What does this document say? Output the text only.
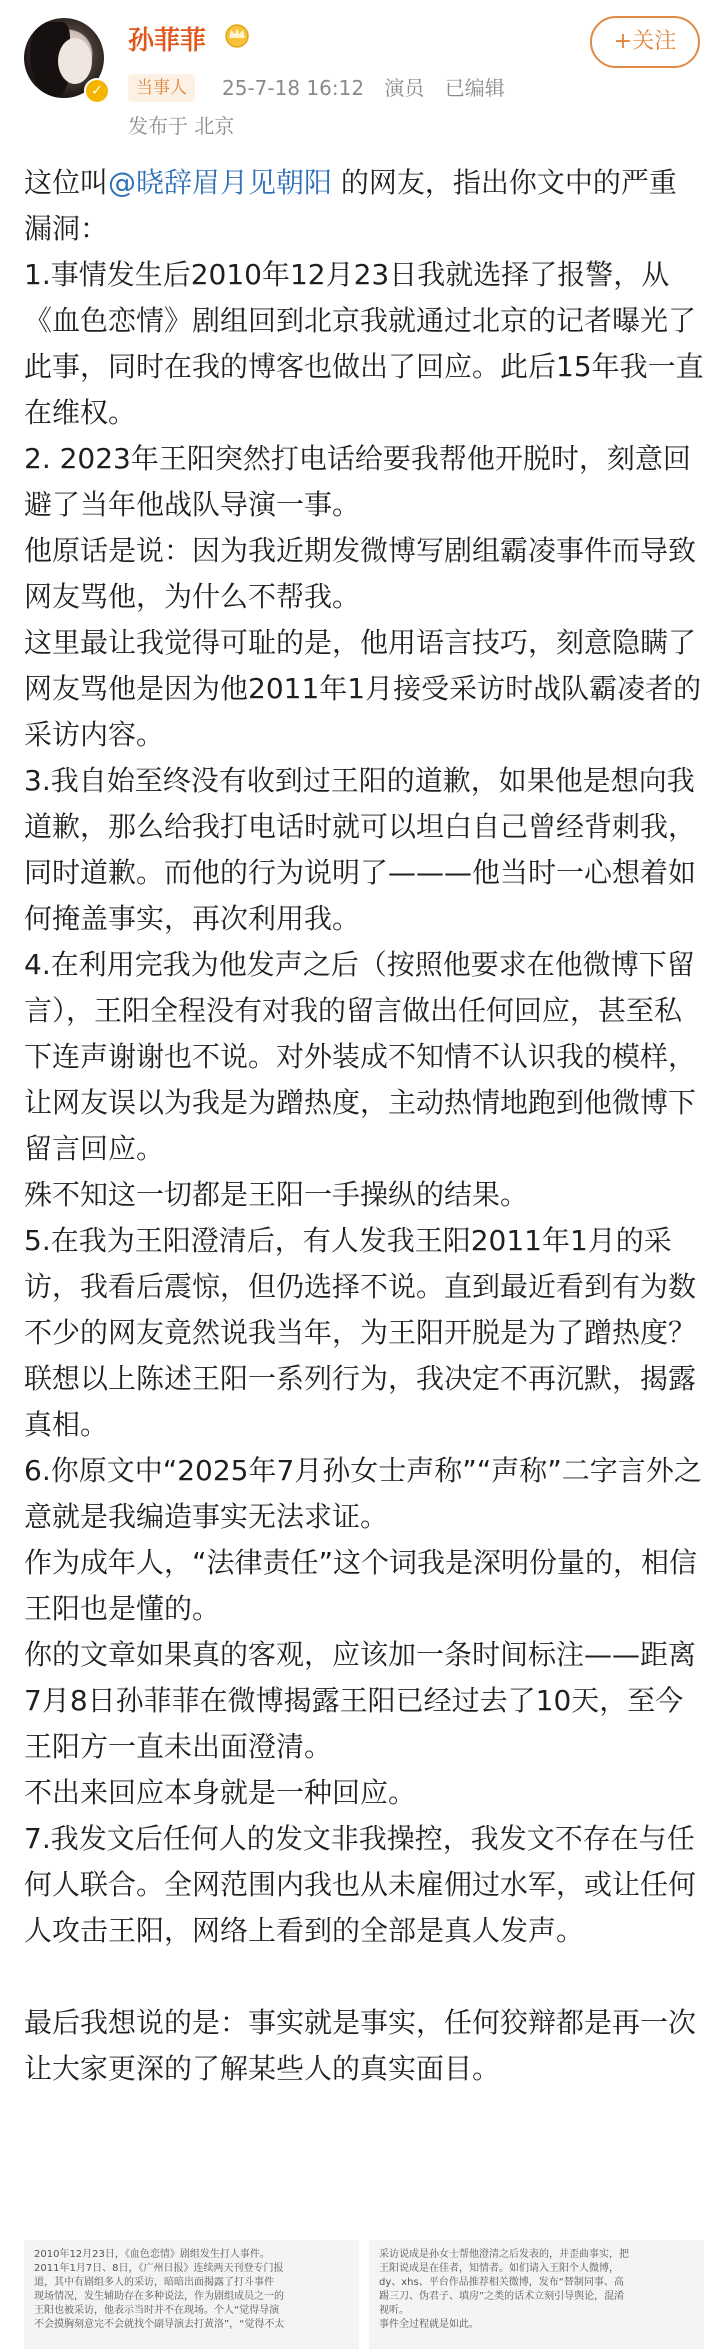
✓
孙菲菲
当事人	25-7-18 16:12 演员 已编辑
发布于 北京
+关注

这位叫@晓辞眉月见朝阳 的网友，指出你文中的严重漏洞：

1.事情发生后2010年12月23日我就选择了报警，从《血色恋情》剧组回到北京我就通过北京的记者曝光了此事，同时在我的博客也做出了回应。此后15年我一直在维权。

2. 2023年王阳突然打电话给要我帮他开脱时，刻意回避了当年他战队导演一事。

他原话是说：因为我近期发微博写剧组霸凌事件而导致网友骂他，为什么不帮我。

这里最让我觉得可耻的是，他用语言技巧，刻意隐瞒了网友骂他是因为他2011年1月接受采访时战队霸凌者的采访内容。

3.我自始至终没有收到过王阳的道歉，如果他是想向我道歉，那么给我打电话时就可以坦白自己曾经背刺我，同时道歉。而他的行为说明了———他当时一心想着如何掩盖事实，再次利用我。

4.在利用完我为他发声之后（按照他要求在他微博下留言），王阳全程没有对我的留言做出任何回应，甚至私下连声谢谢也不说。对外装成不知情不认识我的模样，让网友误以为我是为蹭热度，主动热情地跑到他微博下留言回应。

殊不知这一切都是王阳一手操纵的结果。

5.在我为王阳澄清后，有人发我王阳2011年1月的采访，我看后震惊，但仍选择不说。直到最近看到有为数不少的网友竟然说我当年，为王阳开脱是为了蹭热度？联想以上陈述王阳一系列行为，我决定不再沉默，揭露真相。

6.你原文中“2025年7月孙女士声称”“声称”二字言外之意就是我编造事实无法求证。

作为成年人，“法律责任”这个词我是深明份量的，相信王阳也是懂的。

你的文章如果真的客观，应该加一条时间标注——距离7月8日孙菲菲在微博揭露王阳已经过去了10天，至今王阳方一直未出面澄清。

不出来回应本身就是一种回应。

7.我发文后任何人的发文非我操控，我发文不存在与任何人联合。全网范围内我也从未雇佣过水军，或让任何人攻击王阳，网络上看到的全部是真人发声。

最后我想说的是：事实就是事实，任何狡辩都是再一次让大家更深的了解某些人的真实面目。

2010年12月23日，《血色恋情》剧组发生打人事件。
2011年1月7日、8日，《广州日报》连续两天刊登专门报
道，其中有剧组多人的采访，暗暗出面揭露了打斗事件
现场情况，发生辅助存在多种说法，作为剧组成员之一的
王阳也被采访，他表示当时并不在现场。个人“觉得导演
不会摸胸刻意完不会就找个副导演去打黄洛”，“觉得不太
采访说成是孙女士帮他澄清之后发表的，并歪曲事实，把
王阳说成是在佳者，知情者。如们请入王阳个人微博，
dy、xhs、平台作品推荐相关微博，发布“替制同事、高
踢三刀、伪君子、填房”之类的话术立刻引导舆论，混淆
视听。
事件全过程就是如此。
